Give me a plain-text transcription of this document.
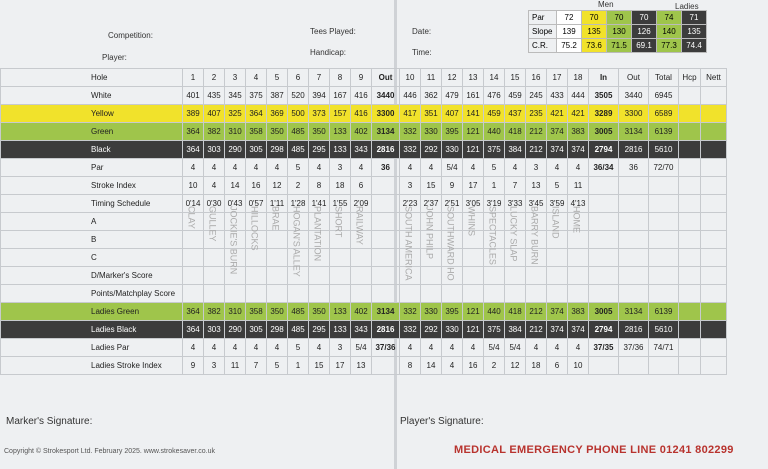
Competition:
Player:
Tees Played:
Handicap:
Date:
Time:
Men	Ladies
Par	72	70	70	70	74	71
Slope	139	135	130	126	140	135
C.R.	75.2	73.6	71.5	69.1	77.3	74.4
Hole	1	2	3	4	5	6	7	8	9	Out	10	11	12	13	14	15	16	17	18	In	Out	Total	Hcp	Nett
White	401	435	345	375	387	520	394	167	416	3440	446	362	479	161	476	459	245	433	444	3505	3440	6945		
Yellow	389	407	325	364	369	500	373	157	416	3300	417	351	407	141	459	437	235	421	421	3289	3300	6589		
Green	364	382	310	358	350	485	350	133	402	3134	332	330	395	121	440	418	212	374	383	3005	3134	6139		
Black	364	303	290	305	298	485	295	133	343	2816	332	292	330	121	375	384	212	374	374	2794	2816	5610		
Par	4	4	4	4	4	5	4	3	4	36	4	4	5/4	4	5	4	3	4	4	36/34	36	72/70		
Stroke Index	10	4	14	16	12	2	8	18	6		3	15	9	17	1	7	13	5	11					
Timing Schedule	0'14	0'30	0'43	0'57	1'11	1'28	1'41	1'55	2'09		2'23	2'37	2'51	3'05	3'19	3'33	3'45	3'59	4'13					
A																								
B																								
C																								
D/Marker's Score																								
Points/Matchplay Score																								
Ladies Green	364	382	310	358	350	485	350	133	402	3134	332	330	395	121	440	418	212	374	383	3005	3134	6139		
Ladies Black	364	303	290	305	298	485	295	133	343	2816	332	292	330	121	375	384	212	374	374	2794	2816	5610		
Ladies Par	4	4	4	4	4	5	4	3	5/4	37/36	4	4	4	4	5/4	5/4	4	4	4	37/35	37/36	74/71		
Ladies Stroke Index	9	3	11	7	5	1	15	17	13		8	14	4	16	2	12	18	6	10					
CLAY GULLEY JOCKIE'S BURN HILLOCKS BRAE HOGAN'S ALLEY PLANTATION SHORT RAILWAY	SOUTH AMERICA JOHN PHILP SOUTHWARD HO WHINS SPECTACLES LUCKY SLAP BARRY BURN ISLAND HOME
Marker's Signature:	Player's Signature:
Copyright © Strokesport Ltd. February 2025. www.strokesaver.co.uk	MEDICAL EMERGENCY PHONE LINE 01241 802299
